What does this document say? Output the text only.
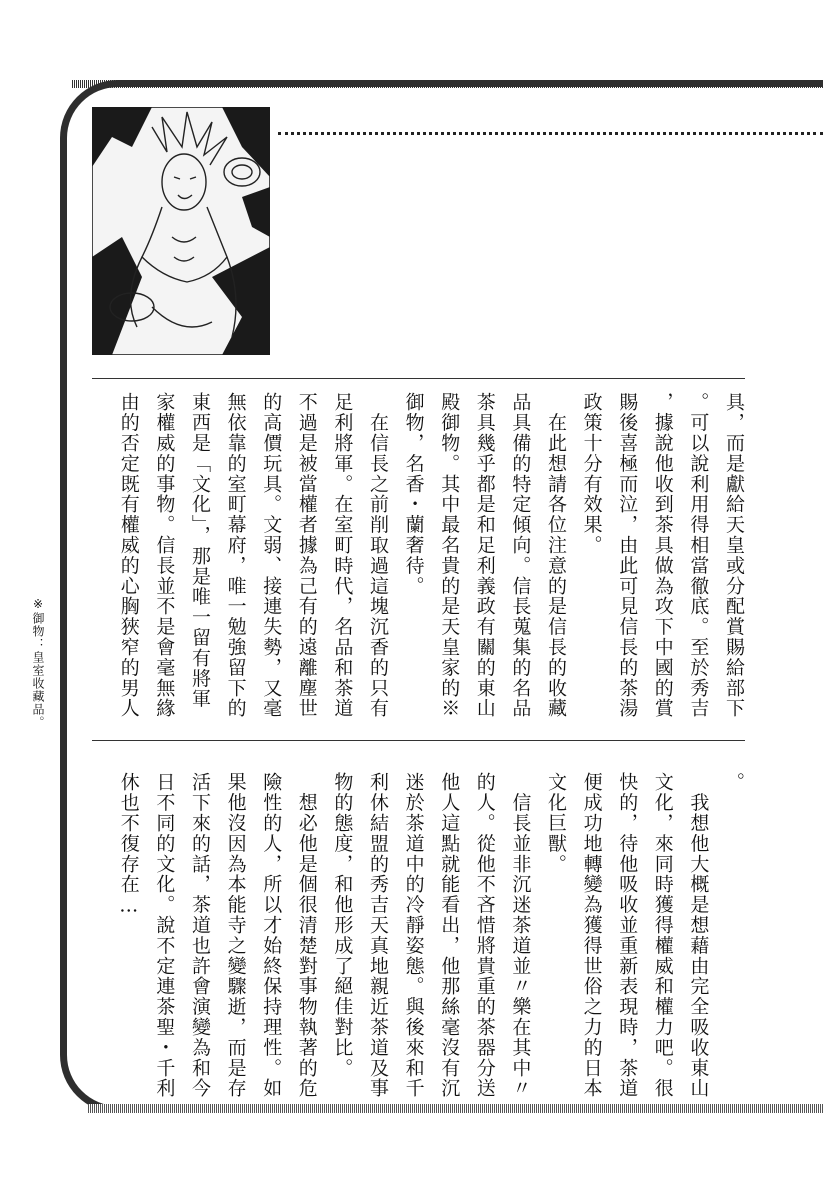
具，而是獻給天皇或分配賞賜給部下

。可以說利用得相當徹底。至於秀吉

，據說他收到茶具做為攻下中國的賞

賜後喜極而泣，由此可見信長的茶湯

政策十分有效果。

　在此想請各位注意的是信長的收藏

品具備的特定傾向。信長蒐集的名品

茶具幾乎都是和足利義政有關的東山

殿御物。其中最名貴的是天皇家的※

御物，名香・蘭奢待。

　在信長之前削取過這塊沉香的只有

足利將軍。在室町時代，名品和茶道

不過是被當權者據為己有的遠離塵世

的高價玩具。文弱、接連失勢，又毫

無依靠的室町幕府，唯一勉強留下的

東西是「文化」，那是唯一留有將軍

家權威的事物。信長並不是會毫無緣

由的否定既有權威的心胸狹窄的男人

。

　我想他大概是想藉由完全吸收東山

文化，來同時獲得權威和權力吧。很

快的，待他吸收並重新表現時，茶道

便成功地轉變為獲得世俗之力的日本

文化巨獸。

　信長並非沉迷茶道並〃樂在其中〃

的人。從他不吝惜將貴重的茶器分送

他人這點就能看出，他那絲毫沒有沉

迷於茶道中的冷靜姿態。與後來和千

利休結盟的秀吉天真地親近茶道及事

物的態度，和他形成了絕佳對比。

　想必他是個很清楚對事物執著的危

險性的人，所以才始終保持理性。如

果他沒因為本能寺之變驟逝，而是存

活下來的話，茶道也許會演變為和今

日不同的文化。說不定連茶聖・千利

休也不復存在…

※御物：皇室收藏品。
